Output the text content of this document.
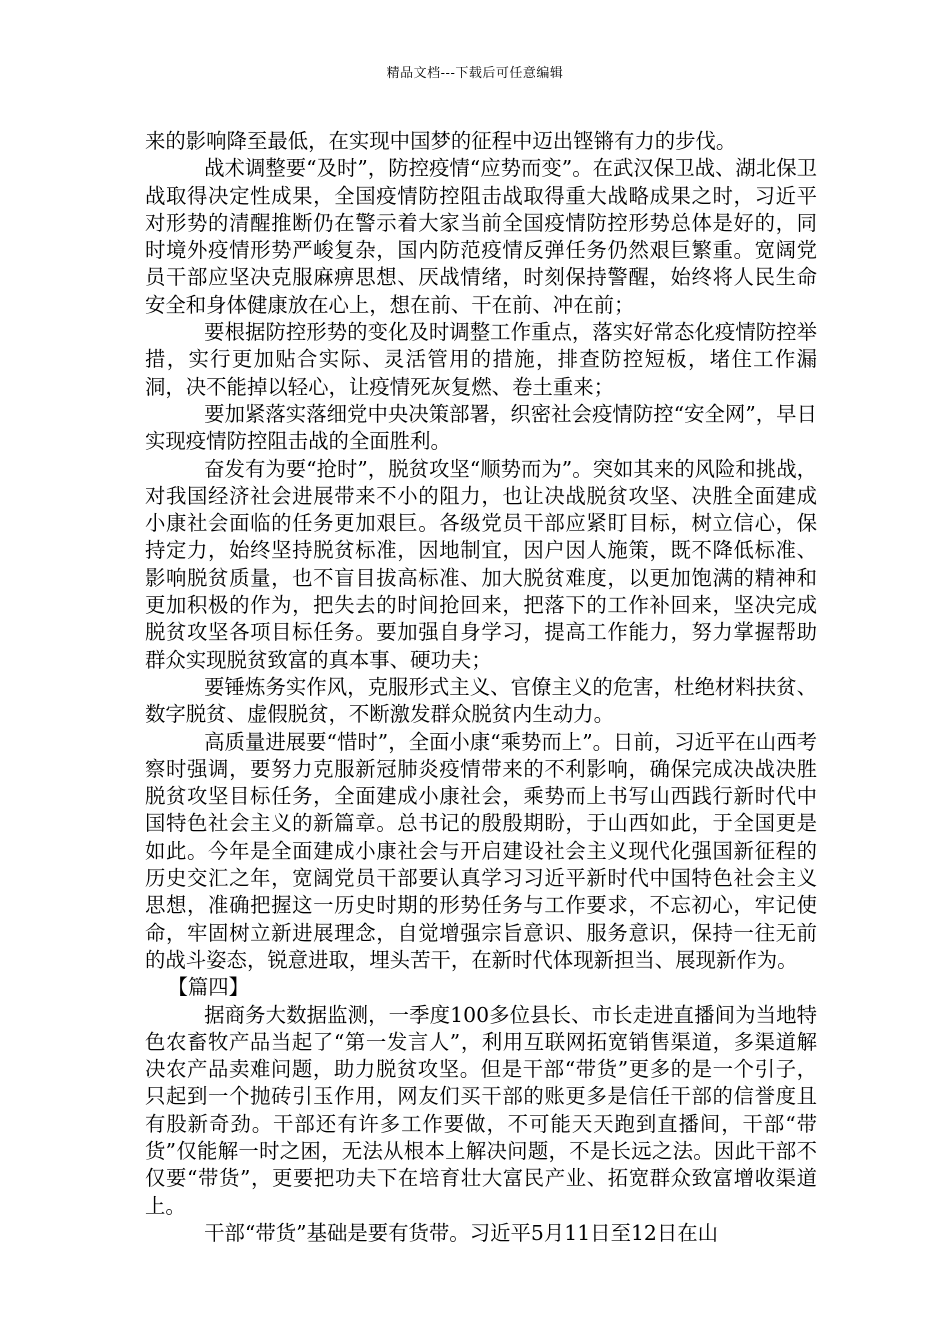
精品文档---下载后可任意编辑

来的影响降至最低，在实现中国梦的征程中迈出铿锵有力的步伐。

战术调整要“及时”，防控疫情“应势而变”。在武汉保卫战、湖北保卫战取得决定性成果，全国疫情防控阻击战取得重大战略成果之时，习近平对形势的清醒推断仍在警示着大家当前全国疫情防控形势总体是好的，同时境外疫情形势严峻复杂，国内防范疫情反弹任务仍然艰巨繁重。宽阔党员干部应坚决克服麻痹思想、厌战情绪，时刻保持警醒，始终将人民生命安全和身体健康放在心上，想在前、干在前、冲在前；

要根据防控形势的变化及时调整工作重点，落实好常态化疫情防控举措，实行更加贴合实际、灵活管用的措施，排查防控短板，堵住工作漏洞，决不能掉以轻心，让疫情死灰复燃、卷土重来；

要加紧落实落细党中央决策部署，织密社会疫情防控“安全网”，早日实现疫情防控阻击战的全面胜利。

奋发有为要“抢时”，脱贫攻坚“顺势而为”。突如其来的风险和挑战，对我国经济社会进展带来不小的阻力，也让决战脱贫攻坚、决胜全面建成小康社会面临的任务更加艰巨。各级党员干部应紧盯目标，树立信心，保持定力，始终坚持脱贫标准，因地制宜，因户因人施策，既不降低标准、影响脱贫质量，也不盲目拔高标准、加大脱贫难度，以更加饱满的精神和更加积极的作为，把失去的时间抢回来，把落下的工作补回来，坚决完成脱贫攻坚各项目标任务。要加强自身学习，提高工作能力，努力掌握帮助群众实现脱贫致富的真本事、硬功夫；

要锤炼务实作风，克服形式主义、官僚主义的危害，杜绝材料扶贫、数字脱贫、虚假脱贫，不断激发群众脱贫内生动力。

高质量进展要“惜时”，全面小康“乘势而上”。日前，习近平在山西考察时强调，要努力克服新冠肺炎疫情带来的不利影响，确保完成决战决胜脱贫攻坚目标任务，全面建成小康社会，乘势而上书写山西践行新时代中国特色社会主义的新篇章。总书记的殷殷期盼，于山西如此，于全国更是如此。今年是全面建成小康社会与开启建设社会主义现代化强国新征程的历史交汇之年，宽阔党员干部要认真学习习近平新时代中国特色社会主义思想，准确把握这一历史时期的形势任务与工作要求，不忘初心，牢记使命，牢固树立新进展理念，自觉增强宗旨意识、服务意识，保持一往无前的战斗姿态，锐意进取，埋头苦干，在新时代体现新担当、展现新作为。

【篇四】

据商务大数据监测，一季度100多位县长、市长走进直播间为当地特色农畜牧产品当起了“第一发言人”，利用互联网拓宽销售渠道，多渠道解决农产品卖难问题，助力脱贫攻坚。但是干部“带货”更多的是一个引子，只起到一个抛砖引玉作用，网友们买干部的账更多是信任干部的信誉度且有股新奇劲。干部还有许多工作要做，不可能天天跑到直播间，干部“带货”仅能解一时之困，无法从根本上解决问题，不是长远之法。因此干部不仅要“带货”，更要把功夫下在培育壮大富民产业、拓宽群众致富增收渠道上。

干部“带货”基础是要有货带。习近平5月11日至12日在山
